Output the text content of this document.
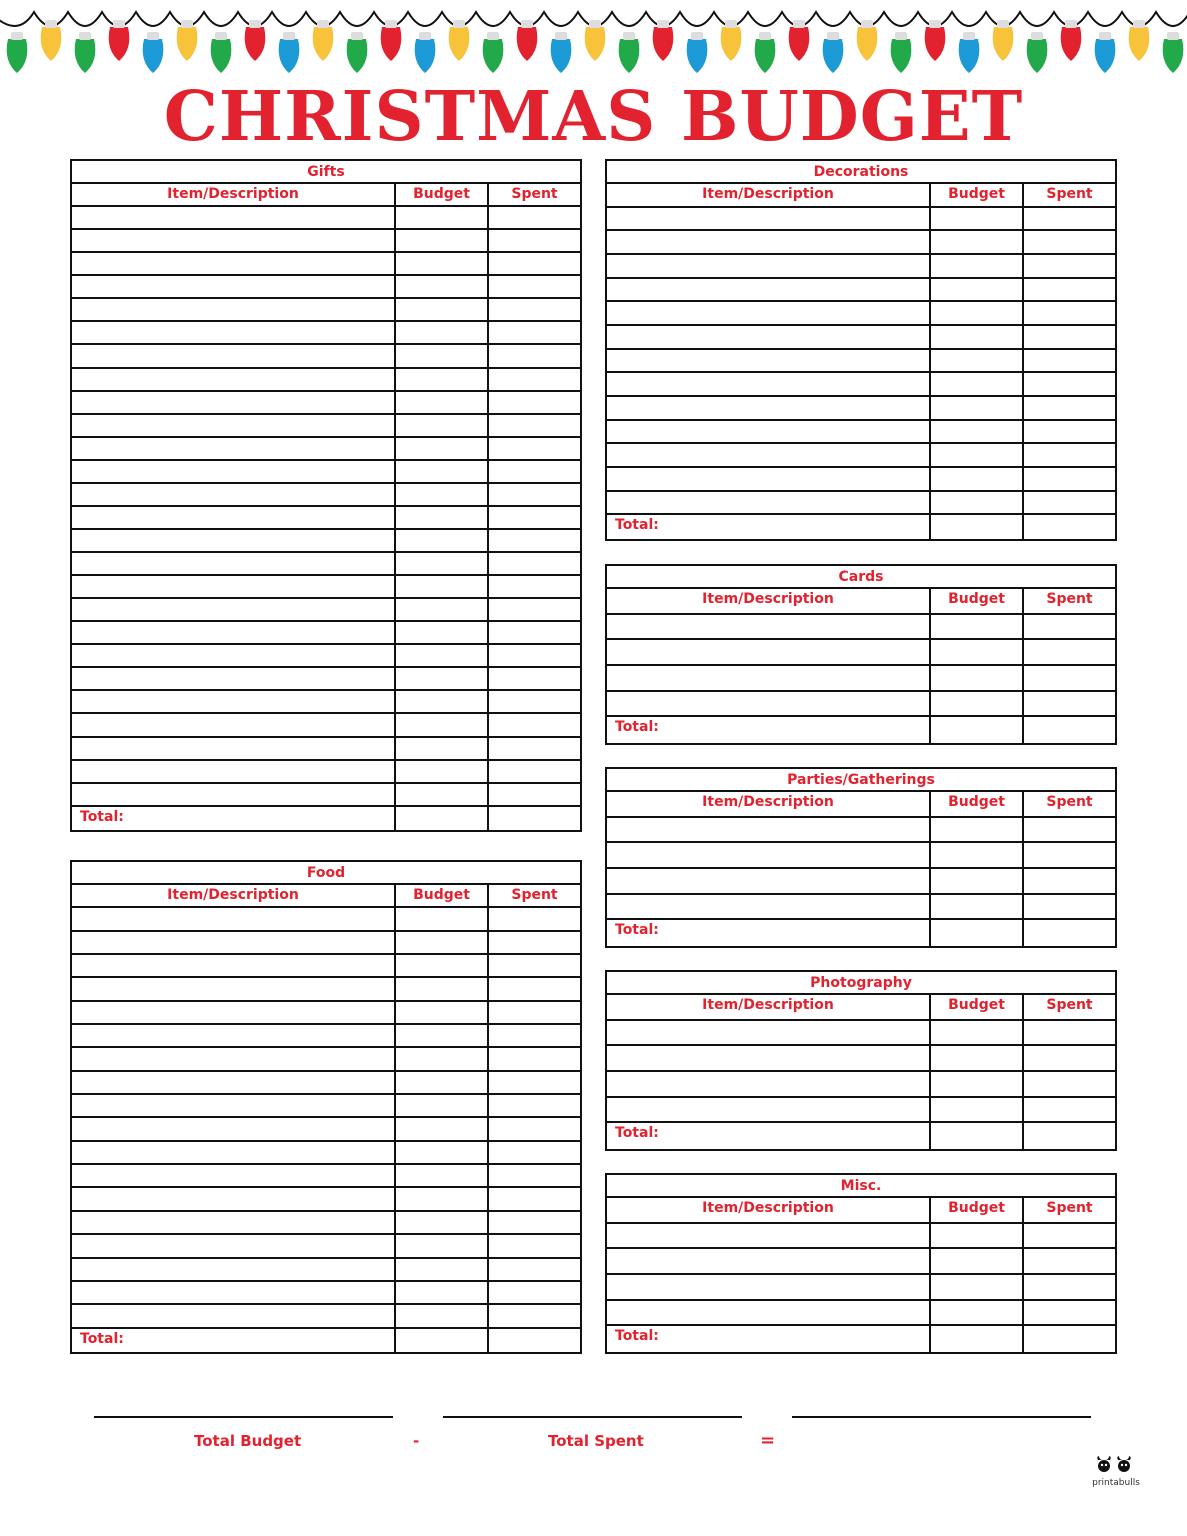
CHRISTMAS BUDGET
Gifts
Item/Description	Budget	Spent
Total:
Food
Item/Description	Budget	Spent
Total:
Decorations
Item/Description	Budget	Spent
Total:
Cards
Item/Description	Budget	Spent
Total:
Parties/Gatherings
Item/Description	Budget	Spent
Total:
Photography
Item/Description	Budget	Spent
Total:
Misc.
Item/Description	Budget	Spent
Total:
Total Budget	-	Total Spent	=
printabulls
